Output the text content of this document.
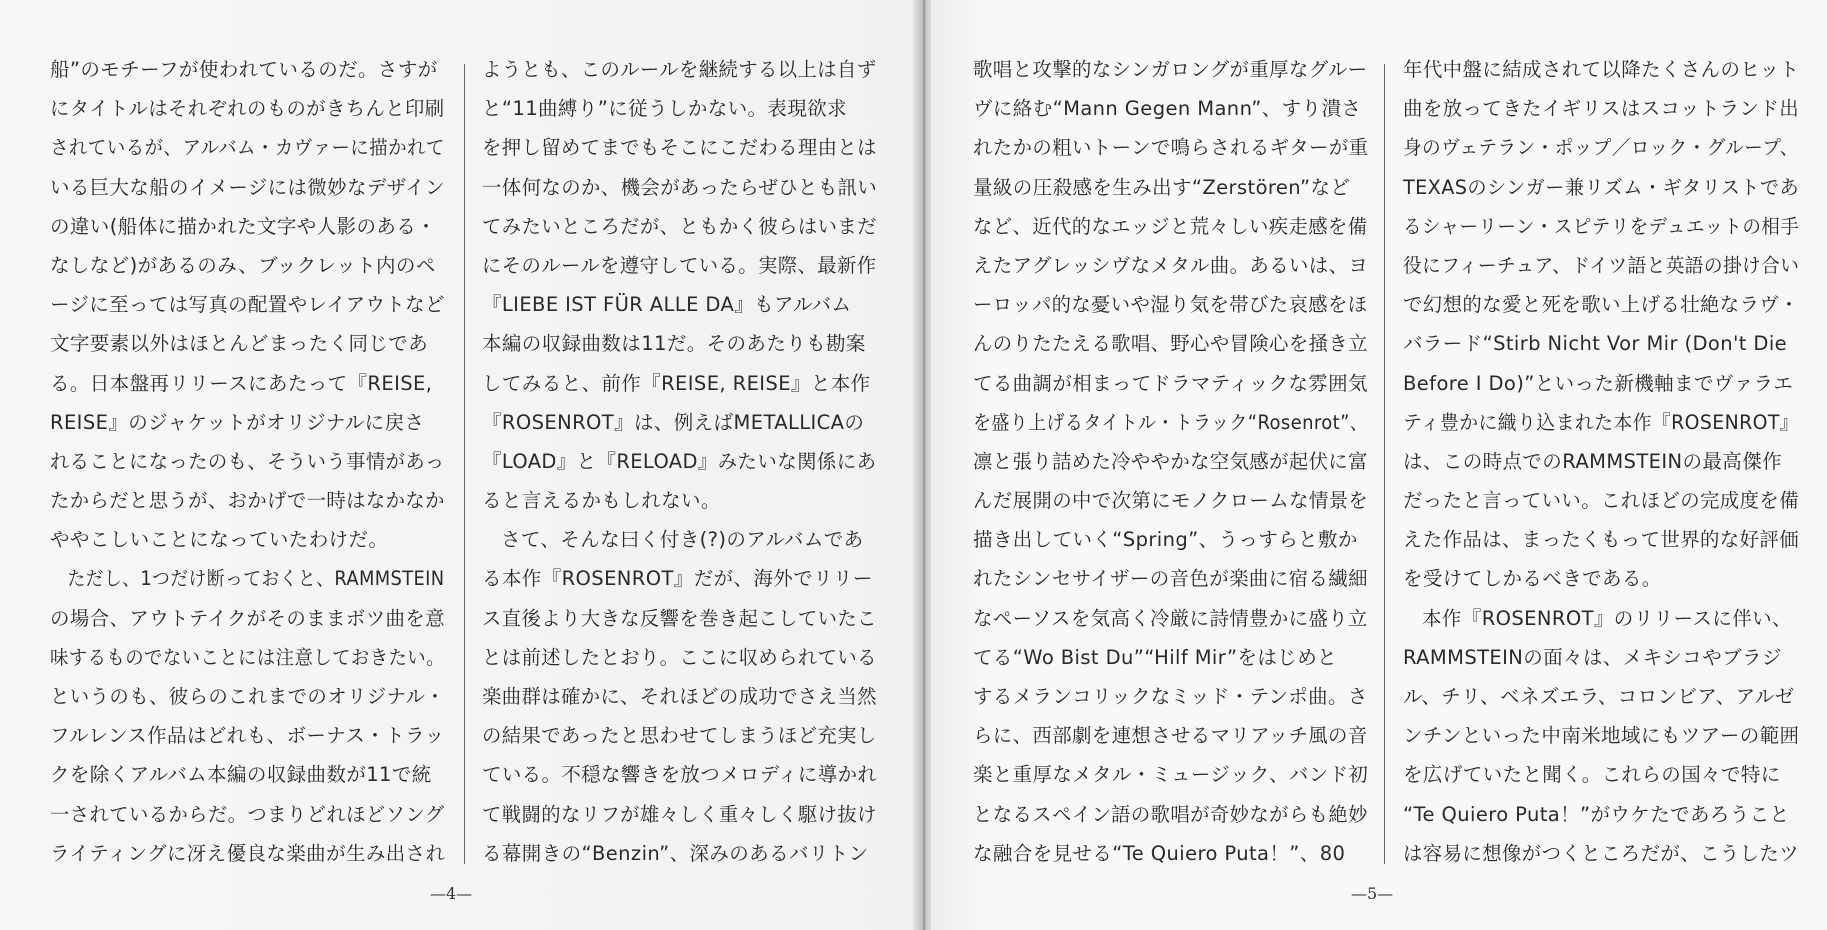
船”のモチーフが使われているのだ。さすが
にタイトルはそれぞれのものがきちんと印刷
されているが、アルバム・カヴァーに描かれて
いる巨大な船のイメージには微妙なデザイン
の違い(船体に描かれた文字や人影のある・
なしなど)があるのみ、ブックレット内のペ
ージに至っては写真の配置やレイアウトなど
文字要素以外はほとんどまったく同じであ
る。日本盤再リリースにあたって『REISE,
REISE』のジャケットがオリジナルに戻さ
れることになったのも、そういう事情があっ
たからだと思うが、おかげで一時はなかなか
ややこしいことになっていたわけだ。
ただし、1つだけ断っておくと、RAMMSTEIN
の場合、アウトテイクがそのままボツ曲を意
味するものでないことには注意しておきたい。
というのも、彼らのこれまでのオリジナル・
フルレンス作品はどれも、ボーナス・トラッ
クを除くアルバム本編の収録曲数が11で統
一されているからだ。つまりどれほどソング
ライティングに冴え優良な楽曲が生み出され
ようとも、このルールを継続する以上は自ず
と“11曲縛り”に従うしかない。表現欲求
を押し留めてまでもそこにこだわる理由とは
一体何なのか、機会があったらぜひとも訊い
てみたいところだが、ともかく彼らはいまだ
にそのルールを遵守している。実際、最新作
『LIEBE IST FÜR ALLE DA』もアルバム
本編の収録曲数は11だ。そのあたりも勘案
してみると、前作『REISE, REISE』と本作
『ROSENROT』は、例えばMETALLICAの
『LOAD』と『RELOAD』みたいな関係にあ
ると言えるかもしれない。
さて、そんな曰く付き(?)のアルバムであ
る本作『ROSENROT』だが、海外でリリー
ス直後より大きな反響を巻き起こしていたこ
とは前述したとおり。ここに収められている
楽曲群は確かに、それほどの成功でさえ当然
の結果であったと思わせてしまうほど充実し
ている。不穏な響きを放つメロディに導かれ
て戦闘的なリフが雄々しく重々しく駆け抜け
る幕開きの“Benzin”、深みのあるバリトン
—4—
歌唱と攻撃的なシンガロングが重厚なグルー
ヴに絡む“Mann Gegen Mann”、すり潰さ
れたかの粗いトーンで鳴らされるギターが重
量級の圧殺感を生み出す“Zerstören”など
など、近代的なエッジと荒々しい疾走感を備
えたアグレッシヴなメタル曲。あるいは、ヨ
ーロッパ的な憂いや湿り気を帯びた哀感をほ
んのりたたえる歌唱、野心や冒険心を掻き立
てる曲調が相まってドラマティックな雰囲気
を盛り上げるタイトル・トラック“Rosenrot”、
凛と張り詰めた冷ややかな空気感が起伏に富
んだ展開の中で次第にモノクロームな情景を
描き出していく“Spring”、うっすらと敷か
れたシンセサイザーの音色が楽曲に宿る繊細
なペーソスを気高く冷厳に詩情豊かに盛り立
てる“Wo Bist Du”“Hilf Mir”をはじめと
するメランコリックなミッド・テンポ曲。さ
らに、西部劇を連想させるマリアッチ風の音
楽と重厚なメタル・ミュージック、バンド初
となるスペイン語の歌唱が奇妙ながらも絶妙
な融合を見せる“Te Quiero Puta！”、80
年代中盤に結成されて以降たくさんのヒット
曲を放ってきたイギリスはスコットランド出
身のヴェテラン・ポップ／ロック・グループ、
TEXASのシンガー兼リズム・ギタリストであ
るシャーリーン・スピテリをデュエットの相手
役にフィーチュア、ドイツ語と英語の掛け合い
で幻想的な愛と死を歌い上げる壮絶なラヴ・
バラード“Stirb Nicht Vor Mir (Don't Die
Before I Do)”といった新機軸までヴァラエ
ティ豊かに織り込まれた本作『ROSENROT』
は、この時点でのRAMMSTEINの最高傑作
だったと言っていい。これほどの完成度を備
えた作品は、まったくもって世界的な好評価
を受けてしかるべきである。
本作『ROSENROT』のリリースに伴い、
RAMMSTEINの面々は、メキシコやブラジ
ル、チリ、ベネズエラ、コロンビア、アルゼ
ンチンといった中南米地域にもツアーの範囲
を広げていたと聞く。これらの国々で特に
“Te Quiero Puta！”がウケたであろうこと
は容易に想像がつくところだが、こうしたツ
—5—
